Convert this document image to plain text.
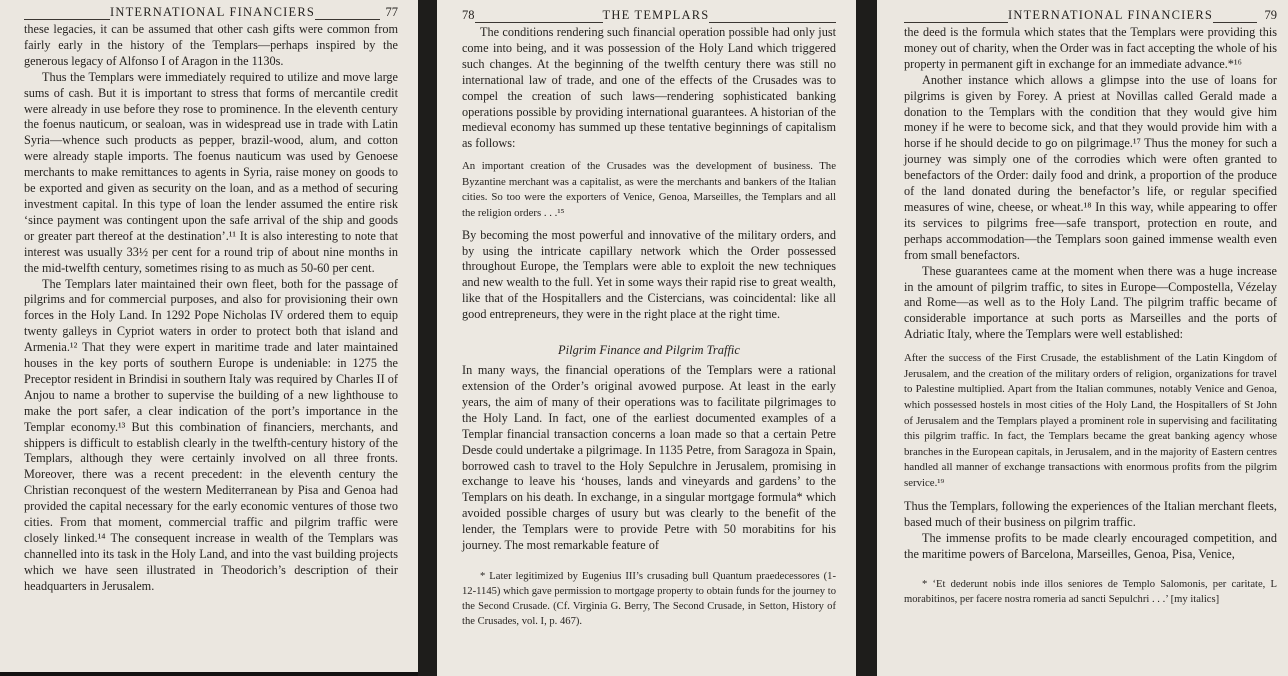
INTERNATIONAL FINANCIERS	77

these legacies, it can be assumed that other cash gifts were common from fairly early in the history of the Templars—perhaps inspired by the generous legacy of Alfonso I of Aragon in the 1130s.

Thus the Templars were immediately required to utilize and move large sums of cash. But it is important to stress that forms of mercantile credit were already in use before they rose to prominence. In the eleventh century the foenus nauticum, or sealoan, was in widespread use in trade with Latin Syria—whence such products as pepper, brazil-wood, alum, and cotton were already staple imports. The foenus nauticum was used by Genoese merchants to make remittances to agents in Syria, raise money on goods to be exported and given as security on the loan, and as a method of securing investment capital. In this type of loan the lender assumed the entire risk ‘since payment was contingent upon the safe arrival of the ship and goods or greater part thereof at the destination’.¹¹ It is also interesting to note that interest was usually 33½ per cent for a round trip of about nine months in the mid-twelfth century, sometimes rising to as much as 50-60 per cent.

The Templars later maintained their own fleet, both for the passage of pilgrims and for commercial purposes, and also for provisioning their own forces in the Holy Land. In 1292 Pope Nicholas IV ordered them to equip twenty galleys in Cypriot waters in order to protect both that island and Armenia.¹² That they were expert in maritime trade and later maintained houses in the key ports of southern Europe is undeniable: in 1275 the Preceptor resident in Brindisi in southern Italy was required by Charles II of Anjou to name a brother to supervise the building of a new lighthouse to make the port safer, a clear indication of the port’s importance in the Templar economy.¹³ But this combination of financiers, merchants, and shippers is difficult to establish clearly in the twelfth-century history of the Templars, although they were certainly involved on all three fronts. Moreover, there was a recent precedent: in the eleventh century the Christian reconquest of the western Mediterranean by Pisa and Genoa had provided the capital necessary for the early economic ventures of those two cities. From that moment, commercial traffic and pilgrim traffic were closely linked.¹⁴ The consequent increase in wealth of the Templars was channelled into its task in the Holy Land, and into the vast building projects which we have seen illustrated in Theodorich’s description of their headquarters in Jerusalem.

78	THE TEMPLARS

The conditions rendering such financial operation possible had only just come into being, and it was possession of the Holy Land which triggered such changes. At the beginning of the twelfth century there was still no international law of trade, and one of the effects of the Crusades was to compel the creation of such laws—rendering sophisticated banking operations possible by providing international guarantees. A historian of the medieval economy has summed up these tentative beginnings of capitalism as follows:

An important creation of the Crusades was the development of business. The Byzantine merchant was a capitalist, as were the merchants and bankers of the Italian cities. So too were the exporters of Venice, Genoa, Marseilles, the Templars and all the religion orders . . .¹⁵

By becoming the most powerful and innovative of the military orders, and by using the intricate capillary network which the Order possessed throughout Europe, the Templars were able to exploit the new techniques and new wealth to the full. Yet in some ways their rapid rise to great wealth, like that of the Hospitallers and the Cistercians, was coincidental: like all good entrepreneurs, they were in the right place at the right time.

Pilgrim Finance and Pilgrim Traffic

In many ways, the financial operations of the Templars were a rational extension of the Order’s original avowed purpose. At least in the early years, the aim of many of their operations was to facilitate pilgrimages to the Holy Land. In fact, one of the earliest documented examples of a Templar financial transaction concerns a loan made so that a certain Petre Desde could undertake a pilgrimage. In 1135 Petre, from Saragoza in Spain, borrowed cash to travel to the Holy Sepulchre in Jerusalem, promising in exchange to leave his ‘houses, lands and vineyards and gardens’ to the Templars on his death. In exchange, in a singular mortgage formula* which avoided possible charges of usury but was clearly to the benefit of the lender, the Templars were to provide Petre with 50 morabitins for his journey. The most remarkable feature of

* Later legitimized by Eugenius III’s crusading bull Quantum praedecessores (1-12-1145) which gave permission to mortgage property to obtain funds for the journey to the Second Crusade. (Cf. Virginia G. Berry, The Second Crusade, in Setton, History of the Crusades, vol. I, p. 467).

INTERNATIONAL FINANCIERS	79

the deed is the formula which states that the Templars were providing this money out of charity, when the Order was in fact accepting the whole of his property in permanent gift in exchange for an immediate advance.*¹⁶

Another instance which allows a glimpse into the use of loans for pilgrims is given by Forey. A priest at Novillas called Gerald made a donation to the Templars with the condition that they would give him money if he were to become sick, and that they would provide him with a horse if he should decide to go on pilgrimage.¹⁷ Thus the money for such a journey was simply one of the corrodies which were often granted to benefactors of the Order: daily food and drink, a proportion of the produce of the land donated during the benefactor’s life, or regular specified measures of wine, cheese, or wheat.¹⁸ In this way, while appearing to offer its services to pilgrims free—safe transport, protection en route, and perhaps accommodation—the Templars soon gained immense wealth even from small benefactors.

These guarantees came at the moment when there was a huge increase in the amount of pilgrim traffic, to sites in Europe—Compostella, Vézelay and Rome—as well as to the Holy Land. The pilgrim traffic became of considerable importance at such ports as Marseilles and the ports of Adriatic Italy, where the Templars were well established:

After the success of the First Crusade, the establishment of the Latin Kingdom of Jerusalem, and the creation of the military orders of religion, organizations for travel to Palestine multiplied. Apart from the Italian communes, notably Venice and Genoa, which possessed hostels in most cities of the Holy Land, the Hospitallers of St John of Jerusalem and the Templars played a prominent role in supervising and facilitating this pilgrim traffic. In fact, the Templars became the great banking agency whose branches in the European capitals, in Jerusalem, and in the majority of Eastern centres handled all manner of exchange transactions with enormous profits from the pilgrim service.¹⁹

Thus the Templars, following the experiences of the Italian merchant fleets, based much of their business on pilgrim traffic.

The immense profits to be made clearly encouraged competition, and the maritime powers of Barcelona, Marseilles, Genoa, Pisa, Venice,

* ‘Et dederunt nobis inde illos seniores de Templo Salomonis, per caritate, L morabitinos, per facere nostra romeria ad sancti Sepulchri . . .’ [my italics]
